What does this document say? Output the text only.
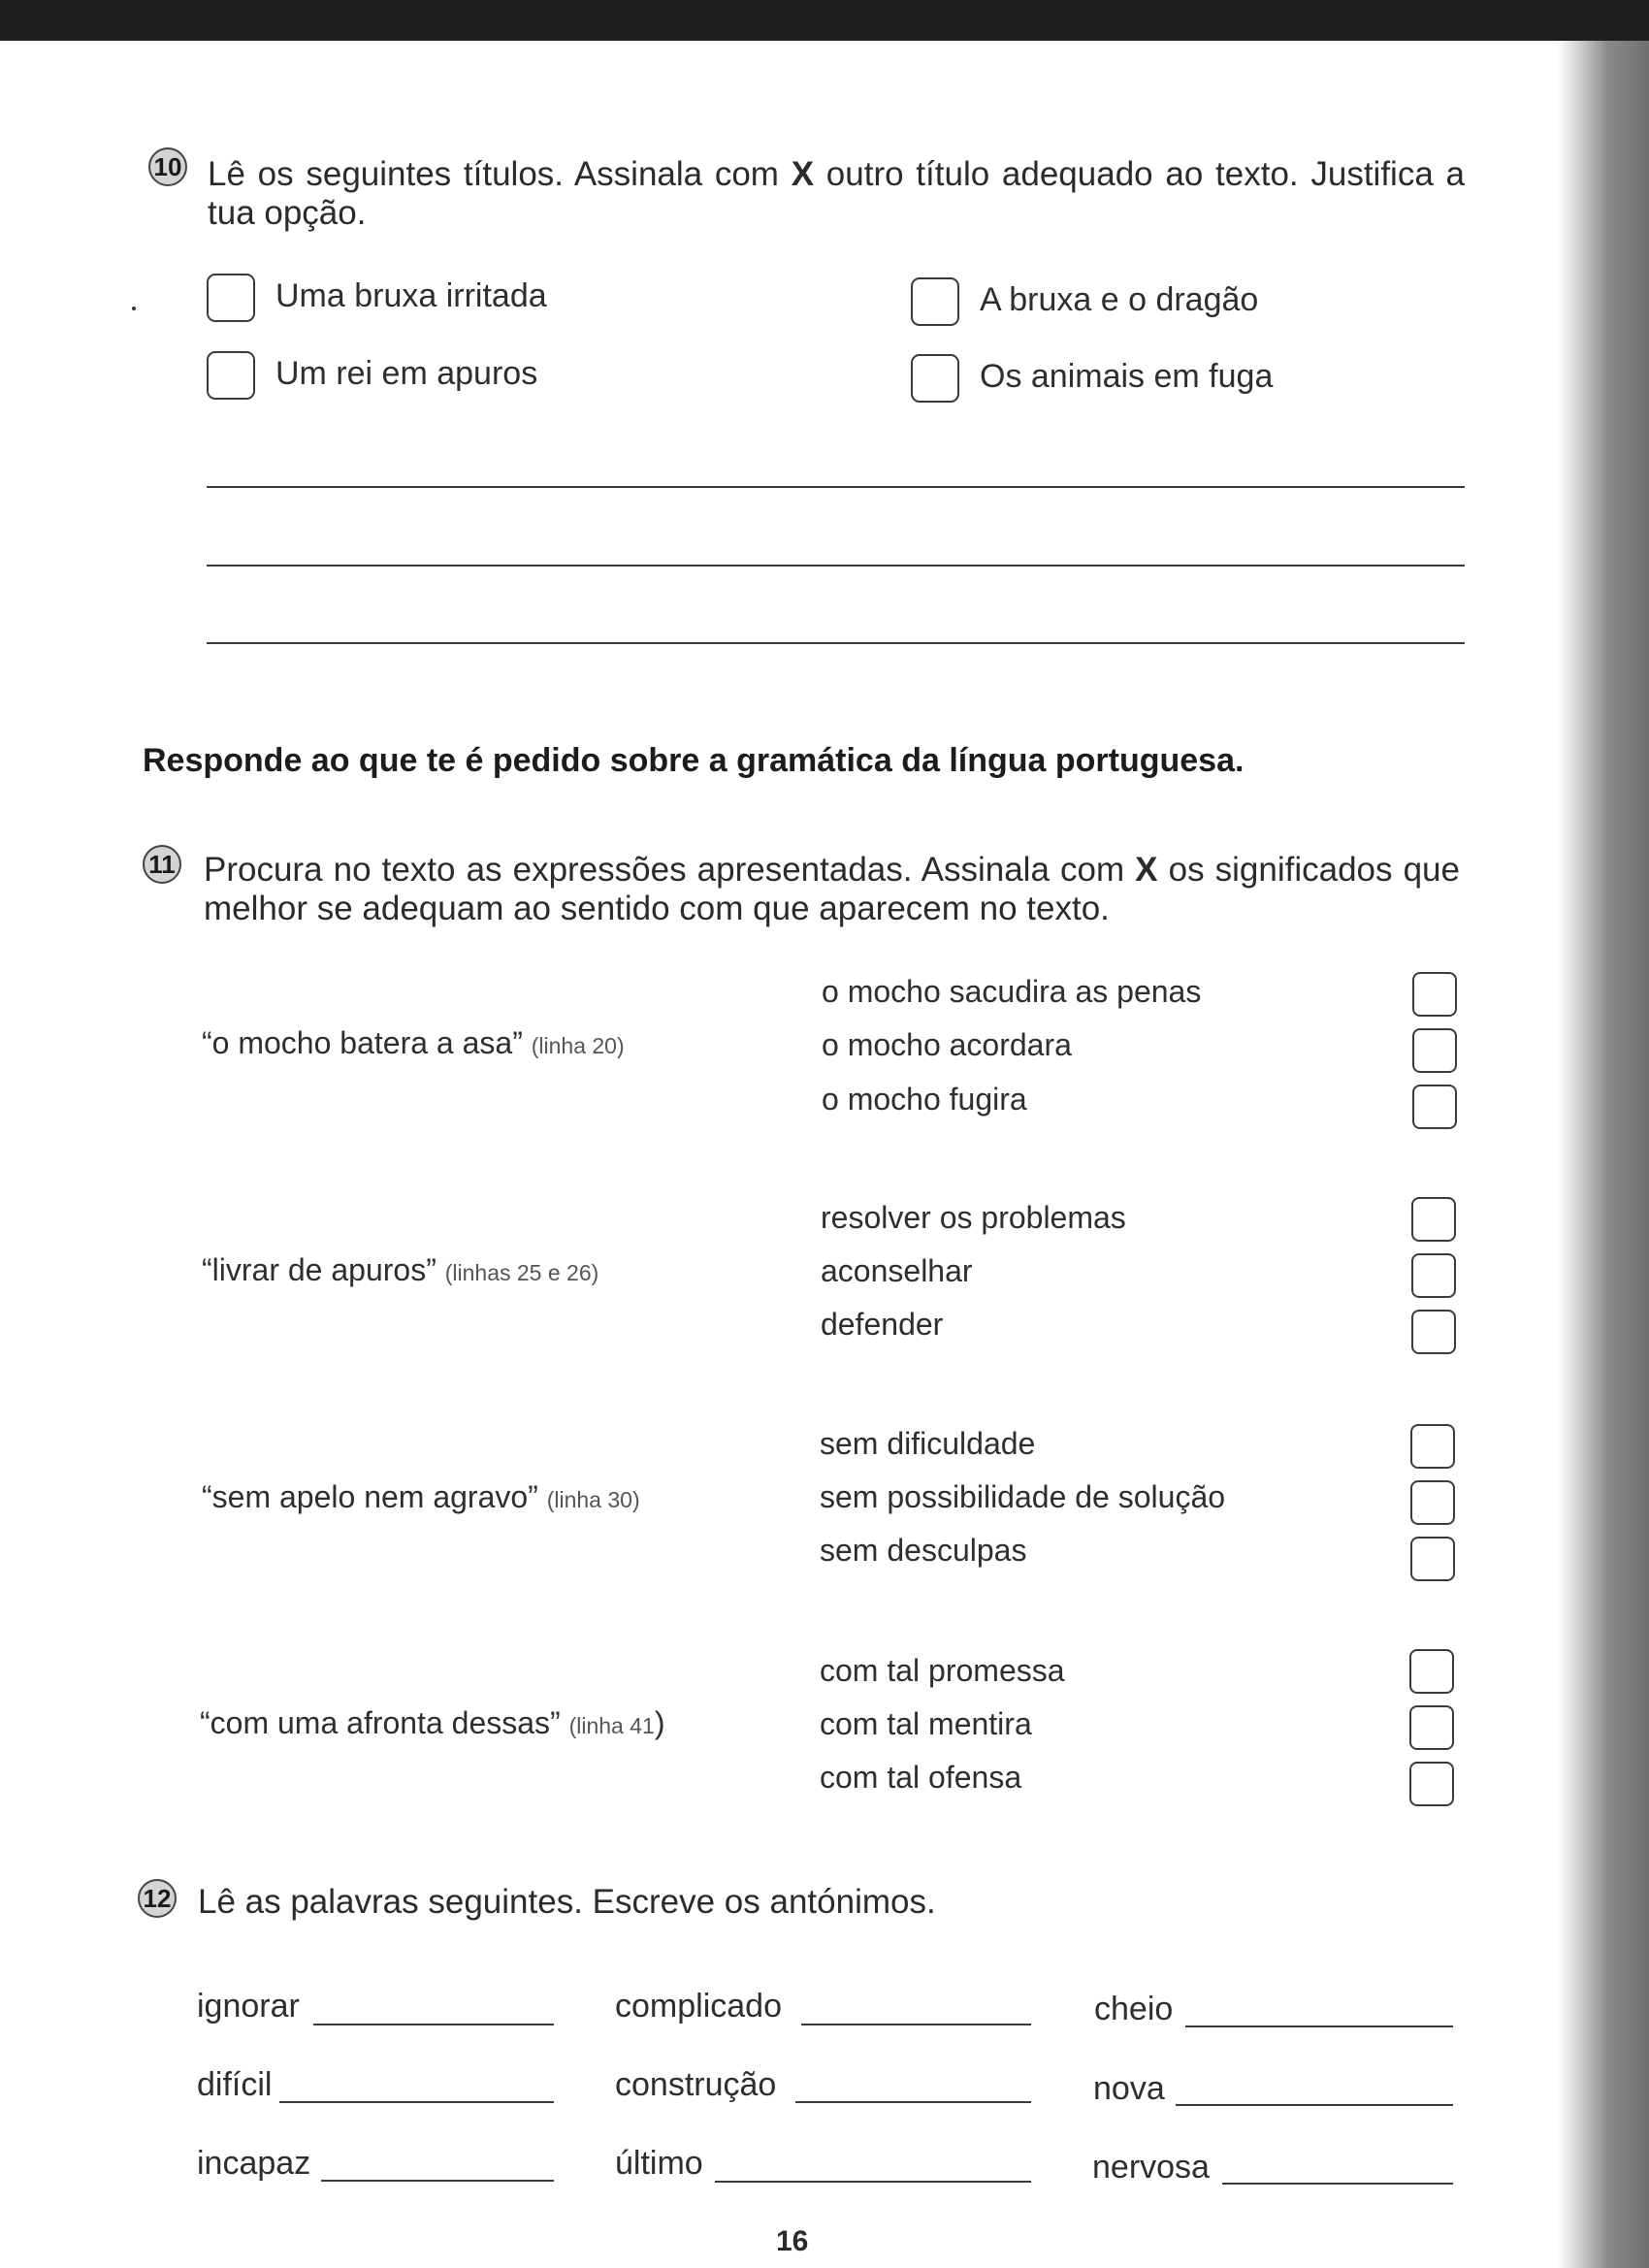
10 Lê os seguintes títulos. Assinala com X outro título adequado ao texto. Justifica a tua opção.
Uma bruxa irritada	A bruxa e o dragão
Um rei em apuros	Os animais em fuga
Responde ao que te é pedido sobre a gramática da língua portuguesa.
11 Procura no texto as expressões apresentadas. Assinala com X os significados que melhor se adequam ao sentido com que aparecem no texto.
“o mocho batera a asa” (linha 20)
o mocho sacudira as penas
o mocho acordara
o mocho fugira
“livrar de apuros” (linhas 25 e 26)
resolver os problemas
aconselhar
defender
“sem apelo nem agravo” (linha 30)
sem dificuldade
sem possibilidade de solução
sem desculpas
“com uma afronta dessas” (linha 41)
com tal promessa
com tal mentira
com tal ofensa
12 Lê as palavras seguintes. Escreve os antónimos.
ignorar	complicado	cheio
difícil	construção	nova
incapaz	último	nervosa
16
